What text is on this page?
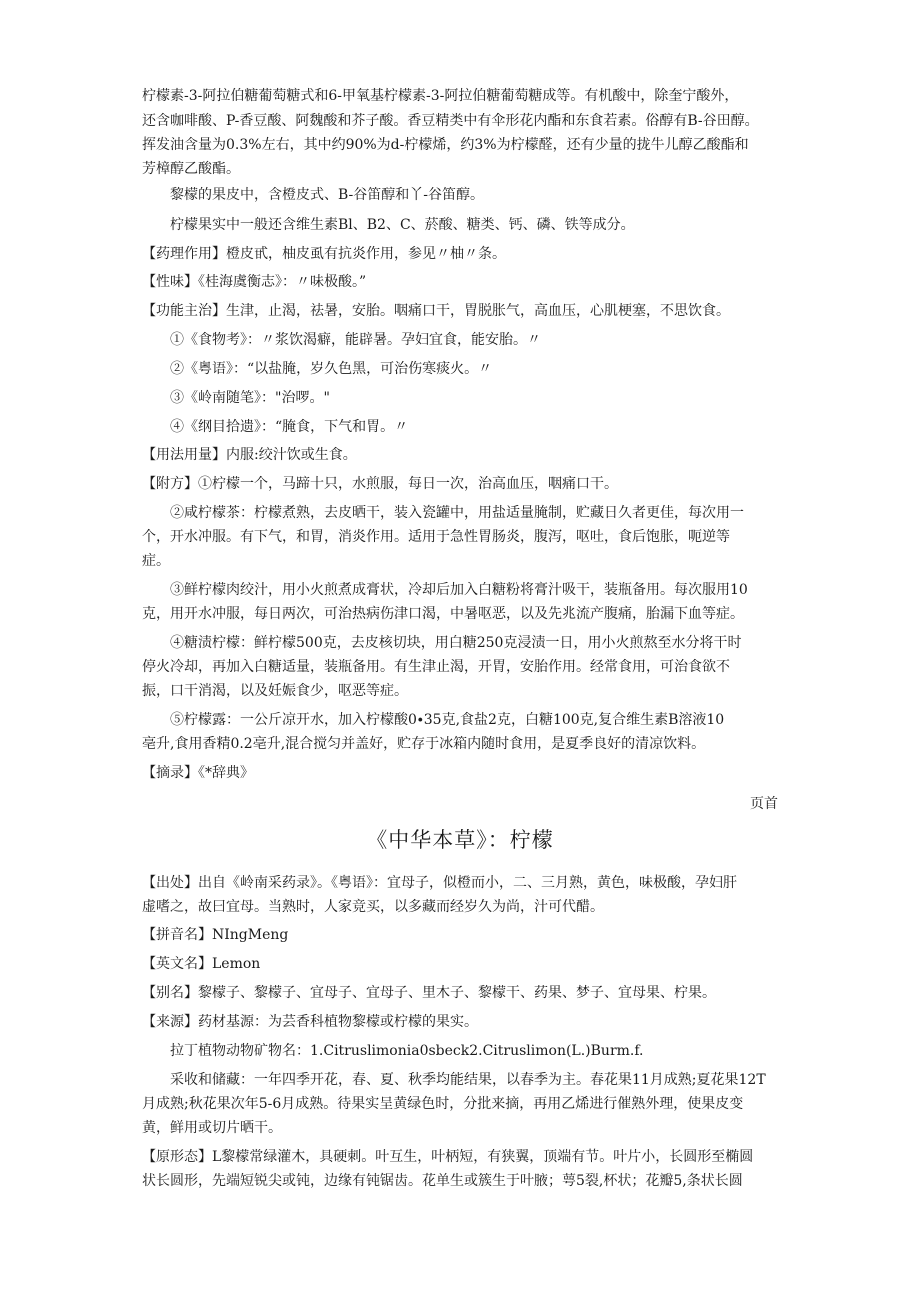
柠檬素-3-阿拉伯糖葡萄糖式和6-甲氧基柠檬素-3-阿拉伯糖葡萄糖成等。有机酸中，除奎宁酸外，
还含咖啡酸、P-香豆酸、阿魏酸和芥子酸。香豆精类中有伞形花内酯和东食若素。俗醇有B-谷田醇。
挥发油含量为0.3%左右，其中约90%为d-柠檬烯，约3%为柠檬醛，还有少量的拢牛儿醇乙酸酯和
芳樟醇乙酸酯。
黎檬的果皮中，含橙皮式、B-谷笛醇和丫-谷笛醇。
柠檬果实中一般还含维生素Bl、B2、C、菸酸、糖类、钙、磷、铁等成分。
【药理作用】橙皮甙，柚皮虱有抗炎作用，参见〃柚〃条。
【性味】《桂海虞衡志》：〃味极酸。”
【功能主治】生津，止渴，祛暑，安胎。咽痛口干，胃脱胀气，高血压，心肌梗塞，不思饮食。
①《食物考》：〃浆饮渴癖，能辟暑。孕妇宜食，能安胎。〃
②《粤语》：“以盐腌，岁久色黑，可治伤寒痰火。〃
③《岭南随笔》："治啰。"
④《纲目拾遗》：“腌食，下气和胃。〃
【用法用量】内服:绞汁饮或生食。
【附方】①柠檬一个，马蹄十只，水煎服，每日一次，治高血压，咽痛口干。
②咸柠檬茶：柠檬煮熟，去皮晒干，装入瓷罐中，用盐适量腌制，贮藏日久者更佳，每次用一
个，开水冲服。有下气，和胃，消炎作用。适用于急性胃肠炎，腹泻，呕吐，食后饱胀，呃逆等
症。
③鲜柠檬肉绞汁，用小火煎煮成膏状，冷却后加入白糖粉将膏汁吸干，装瓶备用。每次服用10
克，用开水冲服，每日两次，可治热病伤津口渴，中暑呕恶，以及先兆流产腹痛，胎漏下血等症。
④糖渍柠檬：鲜柠檬500克，去皮核切块，用白糖250克浸渍一日，用小火煎熬至水分将干时
停火冷却，再加入白糖适量，装瓶备用。有生津止渴，开胃，安胎作用。经常食用，可治食欲不
振，口干消渴，以及妊娠食少，呕恶等症。
⑤柠檬露：一公斤凉开水，加入柠檬酸0∙35克,食盐2克，白糖100克,复合维生素B溶液10
亳升,食用香精0.2亳升,混合搅匀并盖好，贮存于冰箱内随时食用，是夏季良好的清凉饮料。
【摘录】《*辞典》
页首
《中华本草》：柠檬
【出处】出自《岭南采药录》。《粤语》：宜母子，似橙而小，二、三月熟，黄色，味极酸，孕妇肝
虚嗜之，故曰宜母。当熟时，人家竞买，以多藏而经岁久为尚，汁可代醋。
【拼音名】NIngMeng
【英文名】Lemon
【别名】黎檬子、黎檬子、宜母子、宜母子、里木子、黎檬干、药果、梦子、宜母果、柠果。
【来源】药材基源：为芸香科植物黎檬或柠檬的果实。
拉丁植物动物矿物名：1.Citruslimonia0sbeck2.Citruslimon(L.)Burm.f.
采收和储藏：一年四季开花，春、夏、秋季均能结果，以春季为主。春花果11月成熟;夏花果12T
月成熟;秋花果次年5-6月成熟。待果实呈黄绿色时，分批来摘，再用乙烯进行催熟外理，使果皮变
黄，鲜用或切片晒干。
【原形态】L黎檬常绿灌木，具硬刺。叶互生，叶柄短，有狭翼，顶端有节。叶片小，长圆形至椭圆
状长圆形，先端短锐尖或钝，边缘有钝锯齿。花单生或簇生于叶腋；萼5裂,杯状；花瓣5,条状长圆
